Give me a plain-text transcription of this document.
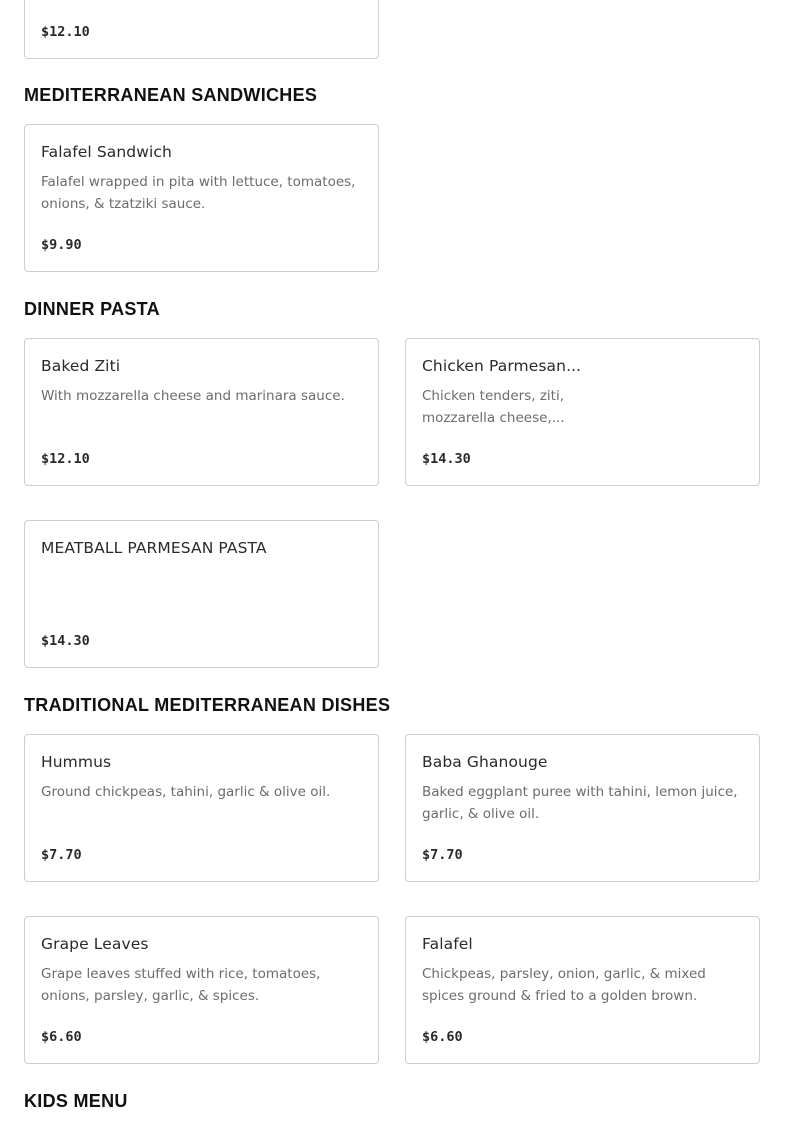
$12.10
MEDITERRANEAN SANDWICHES
Falafel Sandwich
Falafel wrapped in pita with lettuce, tomatoes, onions, & tzatziki sauce.
$9.90
DINNER PASTA
Baked Ziti
With mozzarella cheese and marinara sauce.
$12.10
Chicken Parmesan...
Chicken tenders, ziti, mozzarella cheese,...
$14.30
MEATBALL PARMESAN PASTA
$14.30
TRADITIONAL MEDITERRANEAN DISHES
Hummus
Ground chickpeas, tahini, garlic & olive oil.
$7.70
Baba Ghanouge
Baked eggplant puree with tahini, lemon juice, garlic, & olive oil.
$7.70
Grape Leaves
Grape leaves stuffed with rice, tomatoes, onions, parsley, garlic, & spices.
$6.60
Falafel
Chickpeas, parsley, onion, garlic, & mixed spices ground & fried to a golden brown.
$6.60
KIDS MENU
